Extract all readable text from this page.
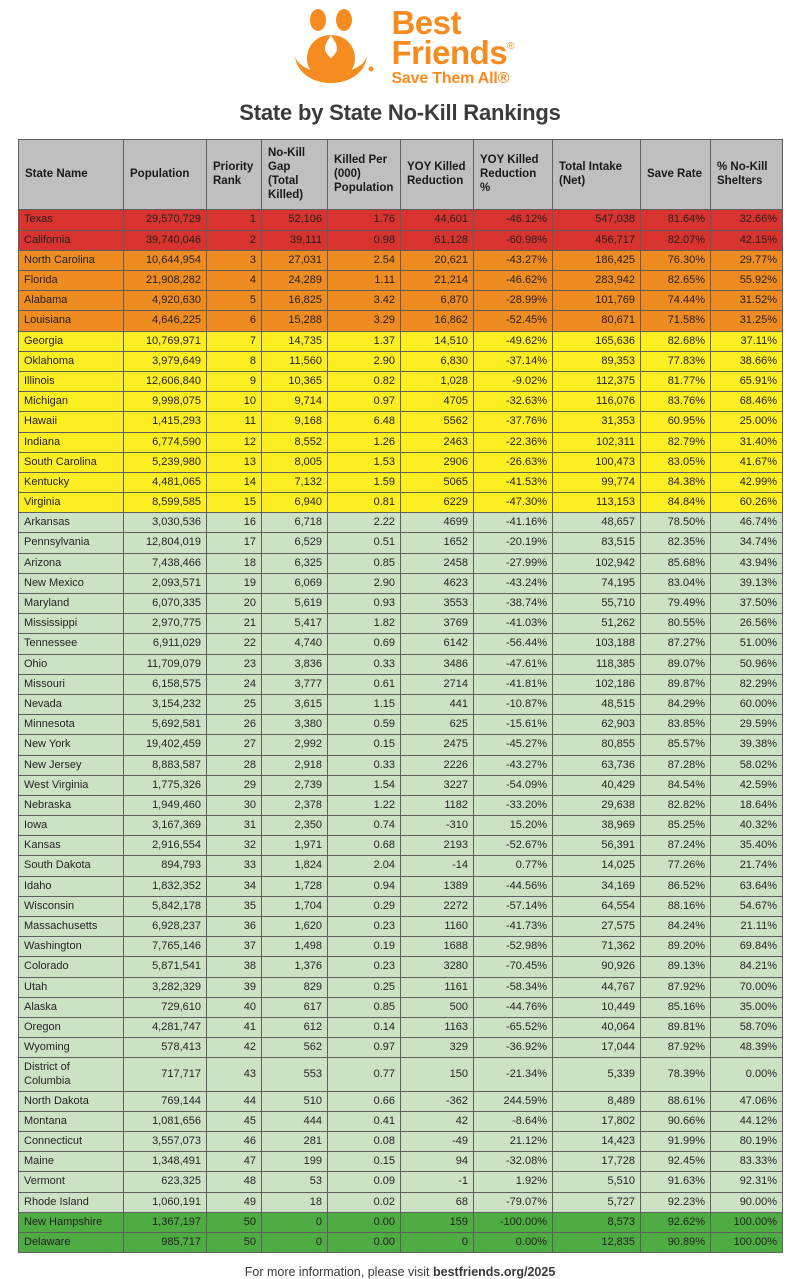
Best
Friends ®
Save Them All®
State by State No-Kill Rankings
State Name	Population	Priority Rank	No-Kill Gap (Total Killed)	Killed Per (000) Population	YOY Killed Reduction	YOY Killed Reduction %	Total Intake (Net)	Save Rate	% No-Kill Shelters
Texas	29,570,729	1	52,106	1.76	44,601	-46.12%	547,038	81.64%	32.66%
California	39,740,046	2	39,111	0.98	61,128	-60.98%	456,717	82.07%	42.15%
North Carolina	10,644,954	3	27,031	2.54	20,621	-43.27%	186,425	76.30%	29.77%
Florida	21,908,282	4	24,289	1.11	21,214	-46.62%	283,942	82.65%	55.92%
Alabama	4,920,630	5	16,825	3.42	6,870	-28.99%	101,769	74.44%	31.52%
Louisiana	4,646,225	6	15,288	3.29	16,862	-52.45%	80,671	71.58%	31.25%
Georgia	10,769,971	7	14,735	1.37	14,510	-49.62%	165,636	82.68%	37.11%
Oklahoma	3,979,649	8	11,560	2.90	6,830	-37.14%	89,353	77.83%	38.66%
Illinois	12,606,840	9	10,365	0.82	1,028	-9.02%	112,375	81.77%	65.91%
Michigan	9,998,075	10	9,714	0.97	4705	-32.63%	116,076	83.76%	68.46%
Hawaii	1,415,293	11	9,168	6.48	5562	-37.76%	31,353	60.95%	25.00%
Indiana	6,774,590	12	8,552	1.26	2463	-22.36%	102,311	82.79%	31.40%
South Carolina	5,239,980	13	8,005	1.53	2906	-26.63%	100,473	83.05%	41.67%
Kentucky	4,481,065	14	7,132	1.59	5065	-41.53%	99,774	84.38%	42.99%
Virginia	8,599,585	15	6,940	0.81	6229	-47.30%	113,153	84.84%	60.26%
Arkansas	3,030,536	16	6,718	2.22	4699	-41.16%	48,657	78.50%	46.74%
Pennsylvania	12,804,019	17	6,529	0.51	1652	-20.19%	83,515	82.35%	34.74%
Arizona	7,438,466	18	6,325	0.85	2458	-27.99%	102,942	85.68%	43.94%
New Mexico	2,093,571	19	6,069	2.90	4623	-43.24%	74,195	83.04%	39.13%
Maryland	6,070,335	20	5,619	0.93	3553	-38.74%	55,710	79.49%	37.50%
Mississippi	2,970,775	21	5,417	1.82	3769	-41.03%	51,262	80.55%	26.56%
Tennessee	6,911,029	22	4,740	0.69	6142	-56.44%	103,188	87.27%	51.00%
Ohio	11,709,079	23	3,836	0.33	3486	-47.61%	118,385	89.07%	50.96%
Missouri	6,158,575	24	3,777	0.61	2714	-41.81%	102,186	89.87%	82.29%
Nevada	3,154,232	25	3,615	1.15	441	-10.87%	48,515	84.29%	60.00%
Minnesota	5,692,581	26	3,380	0.59	625	-15.61%	62,903	83.85%	29.59%
New York	19,402,459	27	2,992	0.15	2475	-45.27%	80,855	85.57%	39.38%
New Jersey	8,883,587	28	2,918	0.33	2226	-43.27%	63,736	87.28%	58.02%
West Virginia	1,775,326	29	2,739	1.54	3227	-54.09%	40,429	84.54%	42.59%
Nebraska	1,949,460	30	2,378	1.22	1182	-33.20%	29,638	82.82%	18.64%
Iowa	3,167,369	31	2,350	0.74	-310	15.20%	38,969	85.25%	40.32%
Kansas	2,916,554	32	1,971	0.68	2193	-52.67%	56,391	87.24%	35.40%
South Dakota	894,793	33	1,824	2.04	-14	0.77%	14,025	77.26%	21.74%
Idaho	1,832,352	34	1,728	0.94	1389	-44.56%	34,169	86.52%	63.64%
Wisconsin	5,842,178	35	1,704	0.29	2272	-57.14%	64,554	88.16%	54.67%
Massachusetts	6,928,237	36	1,620	0.23	1160	-41.73%	27,575	84.24%	21.11%
Washington	7,765,146	37	1,498	0.19	1688	-52.98%	71,362	89.20%	69.84%
Colorado	5,871,541	38	1,376	0.23	3280	-70.45%	90,926	89.13%	84.21%
Utah	3,282,329	39	829	0.25	1161	-58.34%	44,767	87.92%	70.00%
Alaska	729,610	40	617	0.85	500	-44.76%	10,449	85.16%	35.00%
Oregon	4,281,747	41	612	0.14	1163	-65.52%	40,064	89.81%	58.70%
Wyoming	578,413	42	562	0.97	329	-36.92%	17,044	87.92%	48.39%
District of Columbia	717,717	43	553	0.77	150	-21.34%	5,339	78.39%	0.00%
North Dakota	769,144	44	510	0.66	-362	244.59%	8,489	88.61%	47.06%
Montana	1,081,656	45	444	0.41	42	-8.64%	17,802	90.66%	44.12%
Connecticut	3,557,073	46	281	0.08	-49	21.12%	14,423	91.99%	80.19%
Maine	1,348,491	47	199	0.15	94	-32.08%	17,728	92.45%	83.33%
Vermont	623,325	48	53	0.09	-1	1.92%	5,510	91.63%	92.31%
Rhode Island	1,060,191	49	18	0.02	68	-79.07%	5,727	92.23%	90.00%
New Hampshire	1,367,197	50	0	0.00	159	-100.00%	8,573	92.62%	100.00%
Delaware	985,717	50	0	0.00	0	0.00%	12,835	90.89%	100.00%
For more information, please visit bestfriends.org/2025
